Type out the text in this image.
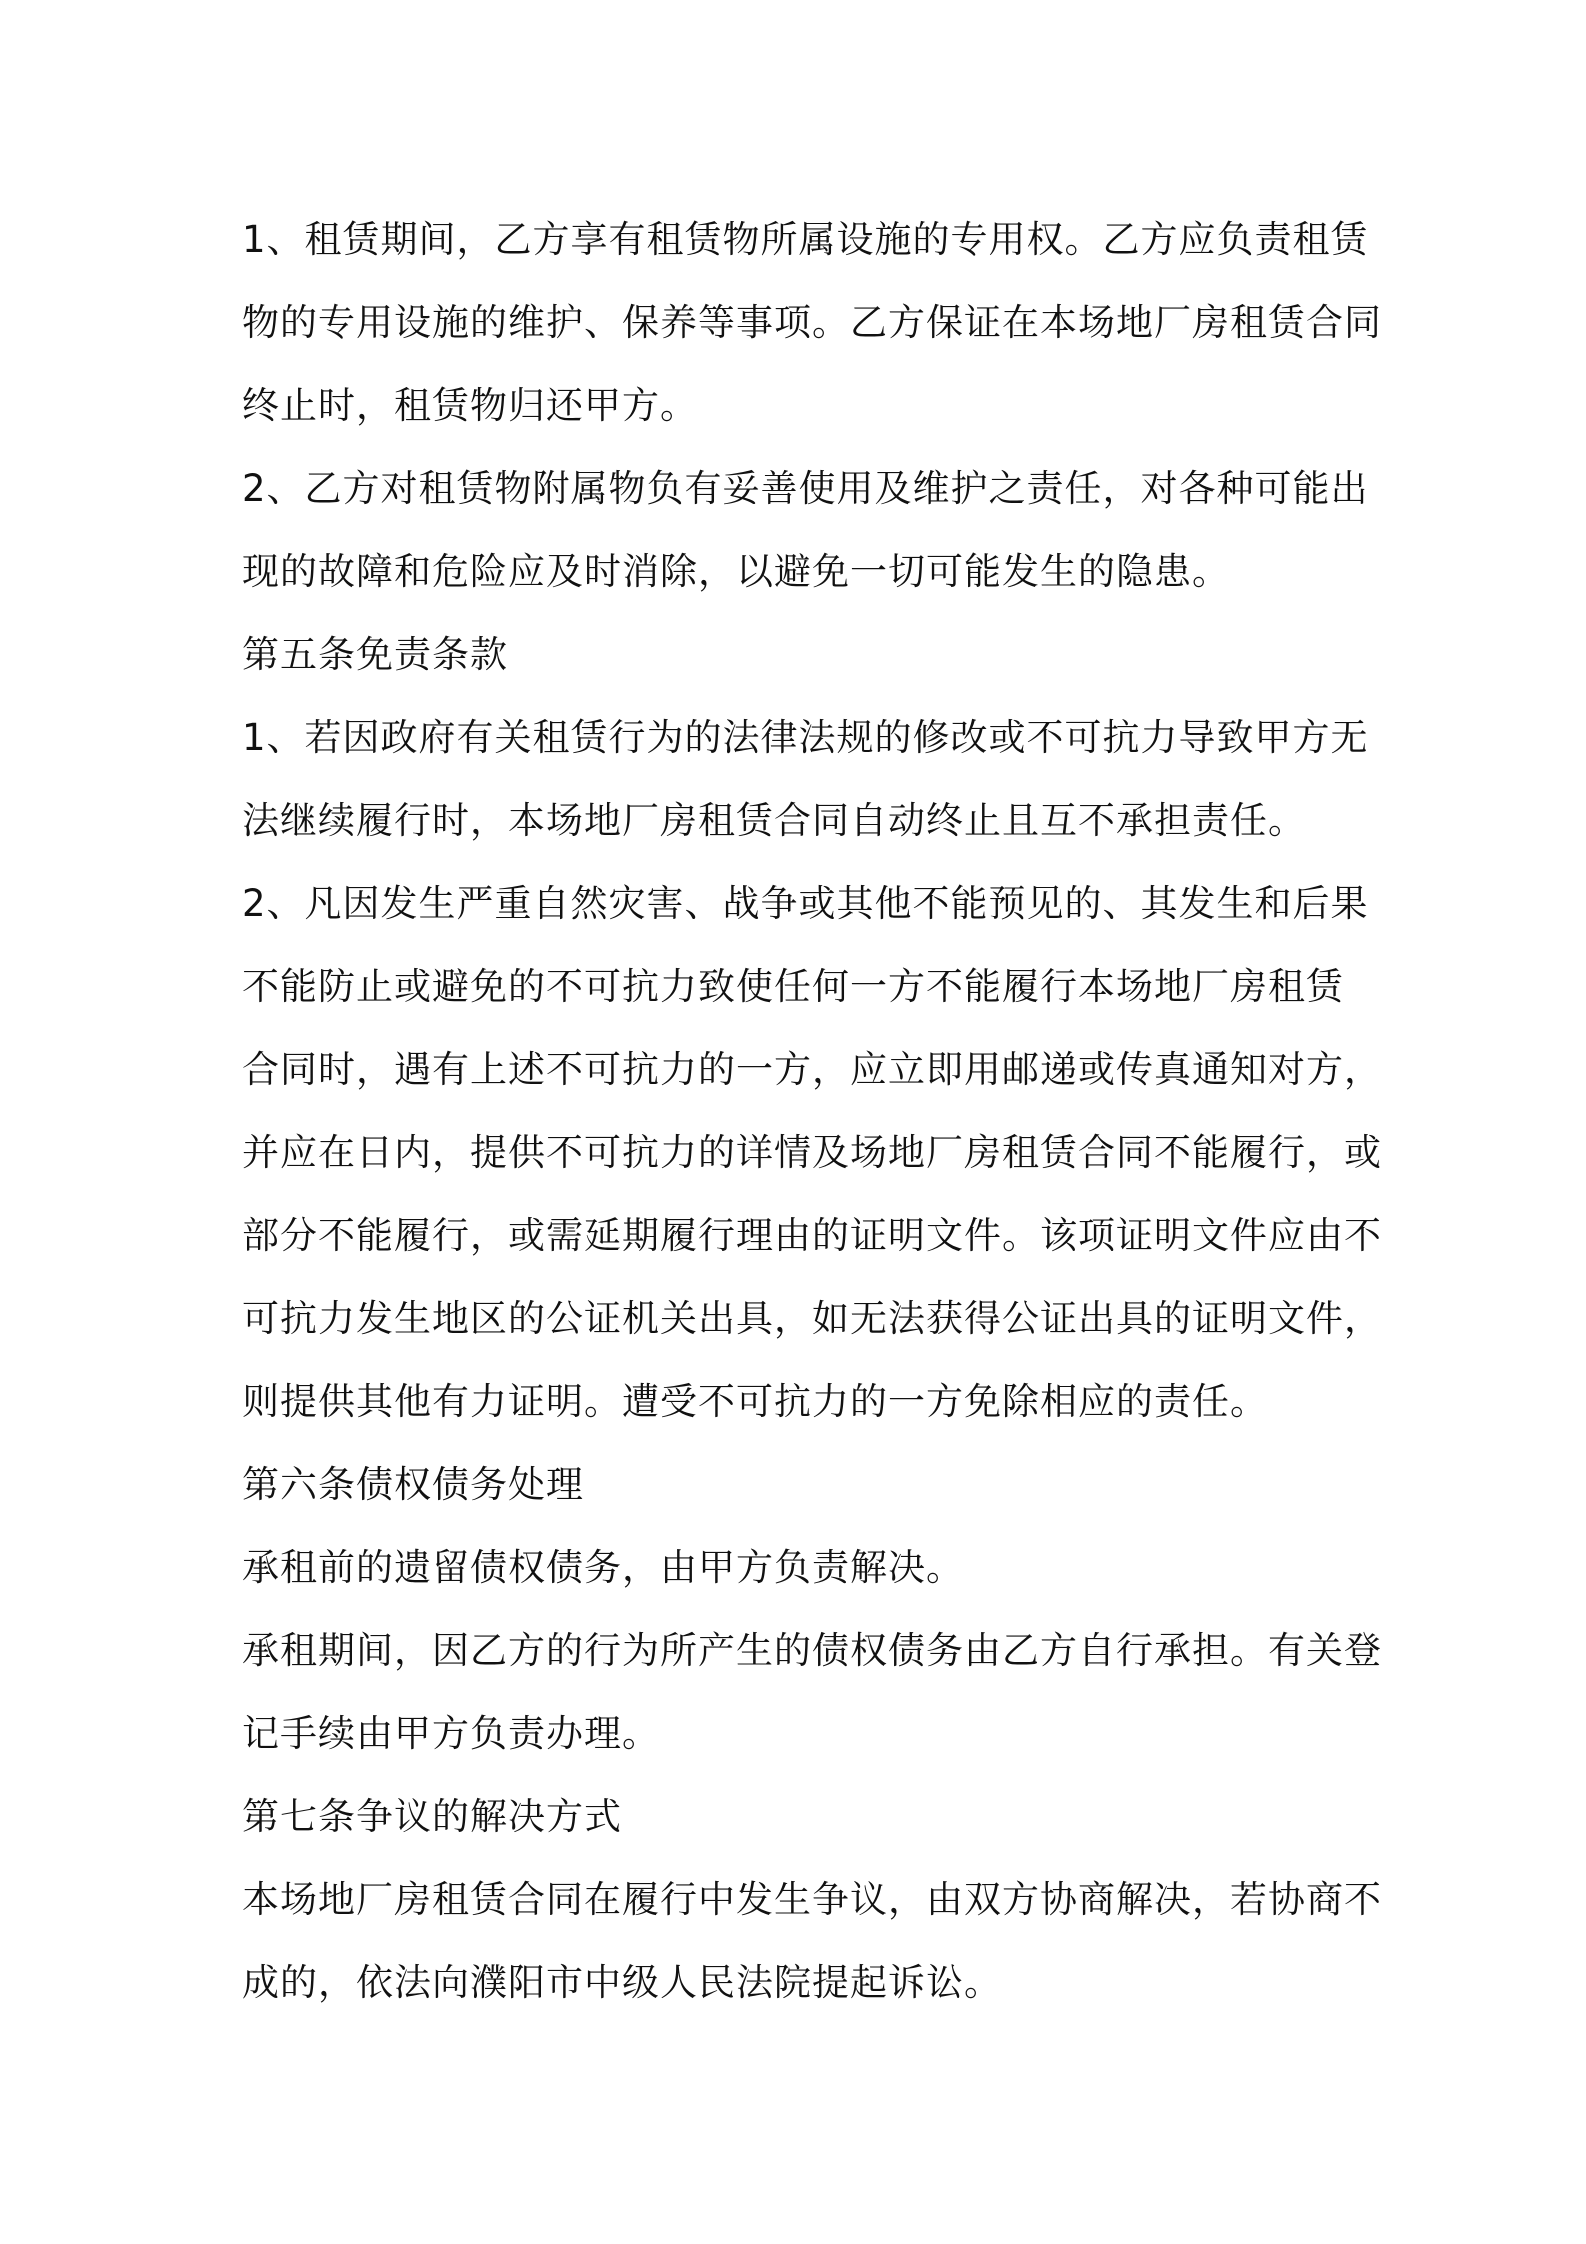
1、租赁期间，乙方享有租赁物所属设施的专用权。乙方应负责租赁
物的专用设施的维护、保养等事项。乙方保证在本场地厂房租赁合同
终止时，租赁物归还甲方。

2、乙方对租赁物附属物负有妥善使用及维护之责任，对各种可能出
现的故障和危险应及时消除，以避免一切可能发生的隐患。

第五条免责条款

1、若因政府有关租赁行为的法律法规的修改或不可抗力导致甲方无
法继续履行时，本场地厂房租赁合同自动终止且互不承担责任。

2、凡因发生严重自然灾害、战争或其他不能预见的、其发生和后果
不能防止或避免的不可抗力致使任何一方不能履行本场地厂房租赁
合同时，遇有上述不可抗力的一方，应立即用邮递或传真通知对方，
并应在日内，提供不可抗力的详情及场地厂房租赁合同不能履行，或
部分不能履行，或需延期履行理由的证明文件。该项证明文件应由不
可抗力发生地区的公证机关出具，如无法获得公证出具的证明文件，
则提供其他有力证明。遭受不可抗力的一方免除相应的责任。

第六条债权债务处理

承租前的遗留债权债务，由甲方负责解决。

承租期间，因乙方的行为所产生的债权债务由乙方自行承担。有关登
记手续由甲方负责办理。

第七条争议的解决方式

本场地厂房租赁合同在履行中发生争议，由双方协商解决，若协商不
成的，依法向濮阳市中级人民法院提起诉讼。
